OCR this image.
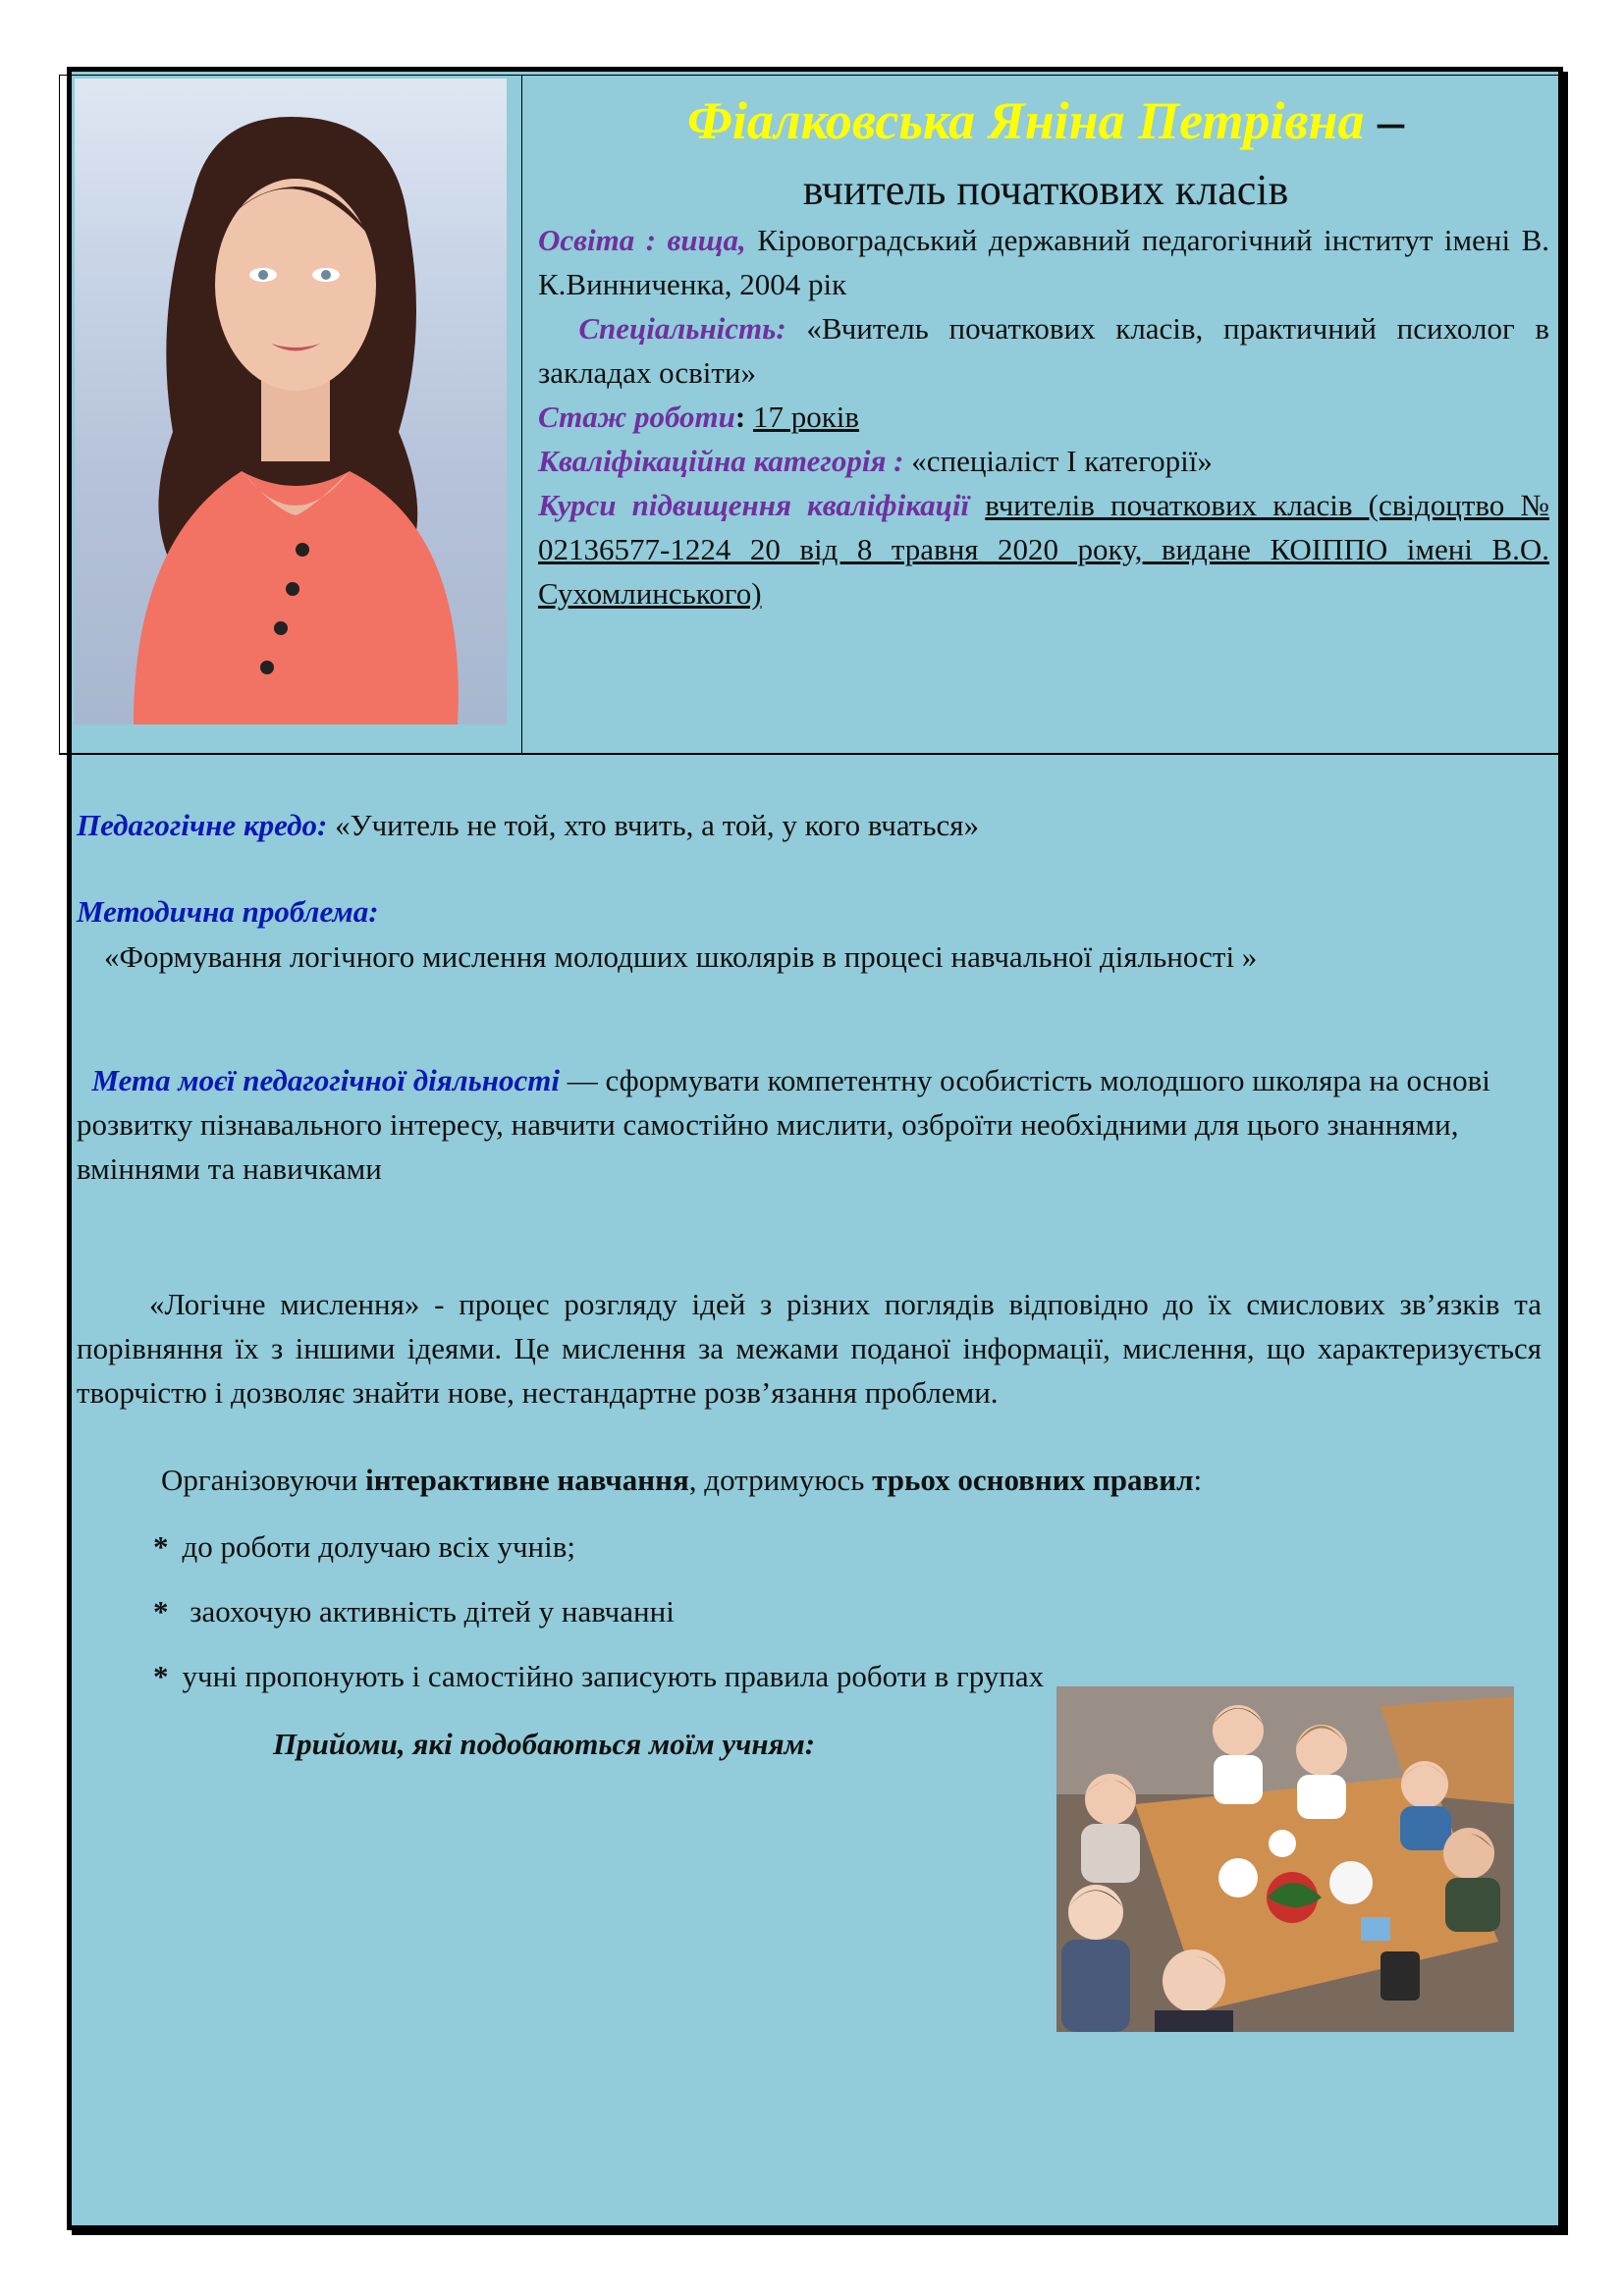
Фіалковська Яніна Петрівна –
вчитель початкових класів

Освіта : вища, Кіровоградський державний педагогічний інститут імені В. К.Винниченка, 2004 рік

Спеціальність: «Вчитель початкових класів, практичний психолог в закладах освіти»

Стаж роботи: 17 років

Кваліфікаційна категорія : «спеціаліст І категорії»

Курси підвищення кваліфікації вчителів початкових класів (свідоцтво № 02136577-1224 20 від 8 травня 2020 року, видане КОІППО імені В.О. Сухомлинського)

Педагогічне кредо: «Учитель не той, хто вчить, а той, у кого вчаться»
Методична проблема:
«Формування логічного мислення молодших школярів в процесі навчальної діяльності »
Мета моєї педагогічної діяльності — сформувати компетентну особистість молодшого школяра на основі розвитку пізнавального інтересу, навчити самостійно мислити, озброїти необхідними для цього знаннями, вміннями та навичками
«Логічне мислення» - процес розгляду ідей з різних поглядів відповідно до їх смислових зв’язків та порівняння їх з іншими ідеями. Це мислення за межами поданої інформації, мислення, що характеризується творчістю і дозволяє знайти нове, нестандартне розв’язання проблеми.
Організовуючи інтерактивне навчання, дотримуюсь трьох основних правил:
* до роботи долучаю всіх учнів;
* заохочую активність дітей у навчанні
* учні пропонують і самостійно записують правила роботи в групах
Прийоми, які подобаються моїм учням:
